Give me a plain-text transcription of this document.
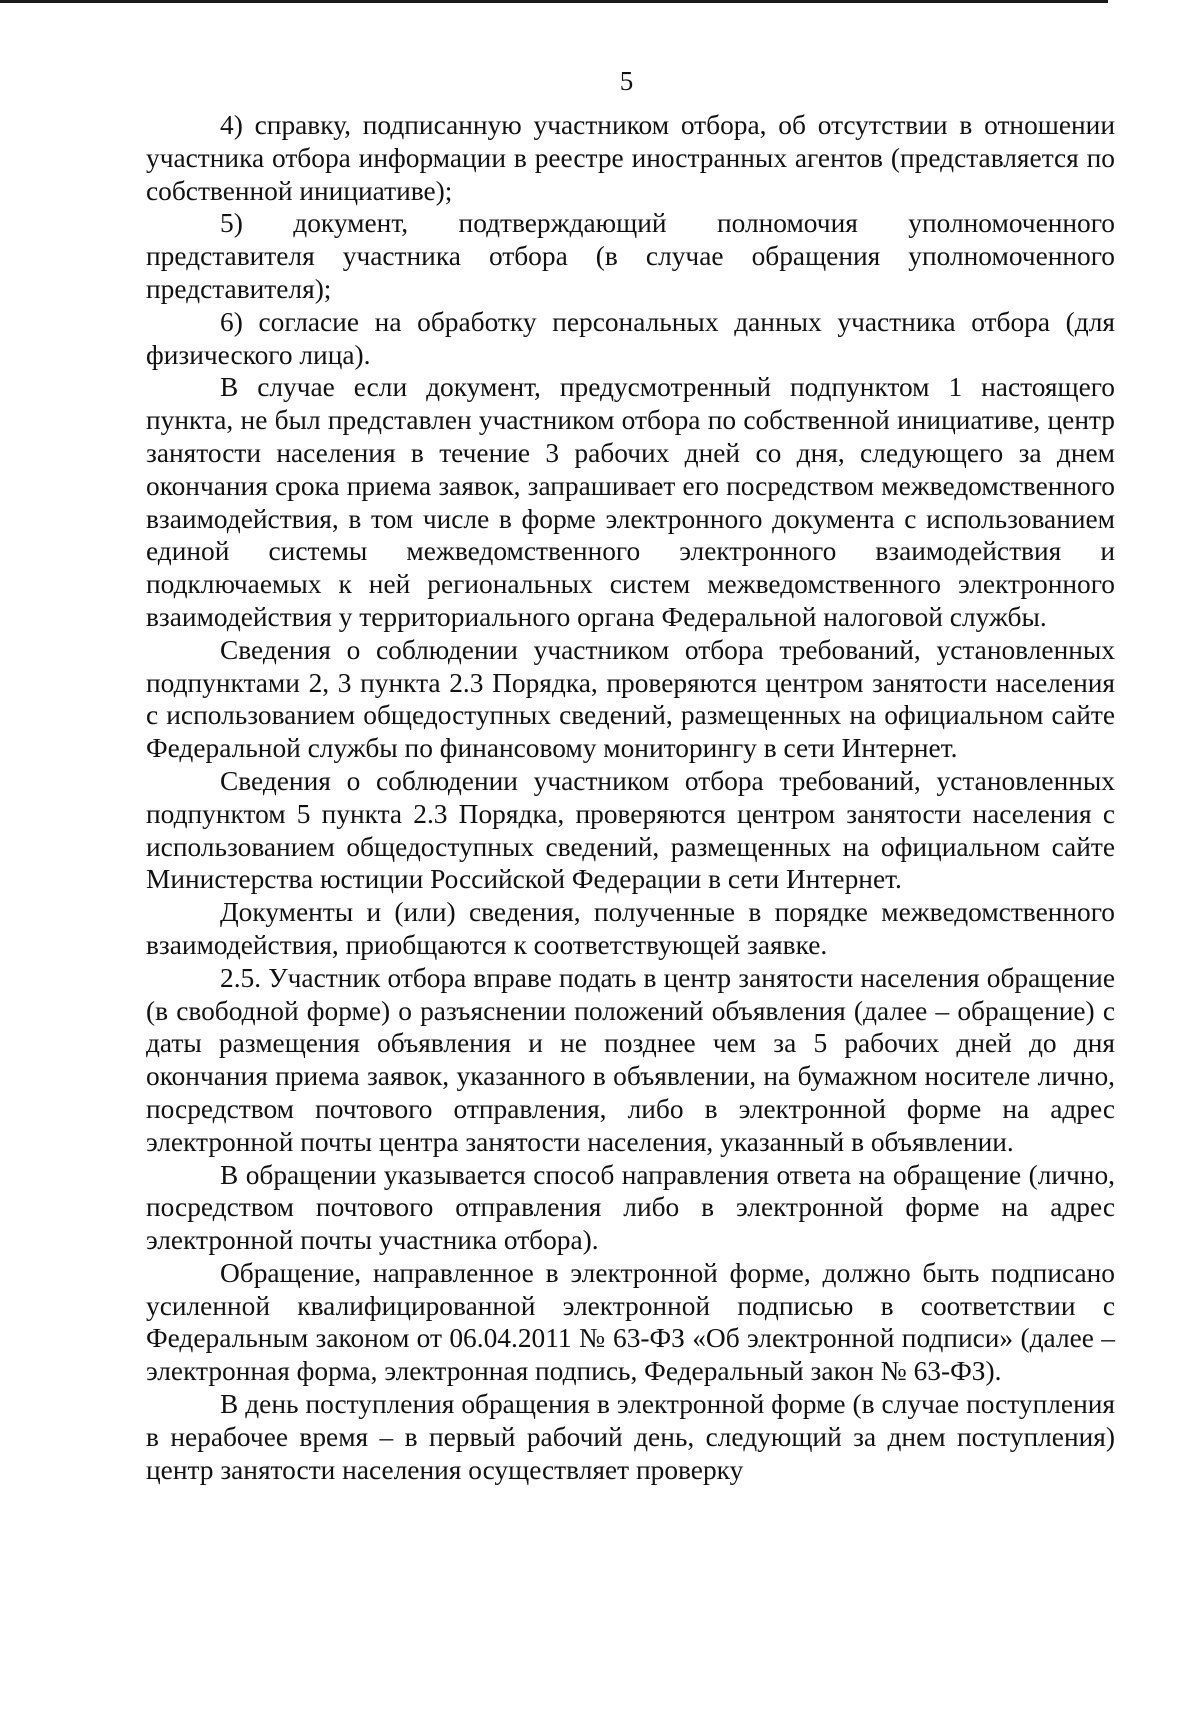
5

4) справку, подписанную участником отбора, об отсутствии в отношении участника отбора информации в реестре иностранных агентов (представляется по собственной инициативе);

5) документ, подтверждающий полномочия уполномоченного представителя участника отбора (в случае обращения уполномоченного представителя);

6) согласие на обработку персональных данных участника отбора (для физического лица).

В случае если документ, предусмотренный подпунктом 1 настоящего пункта, не был представлен участником отбора по собственной инициативе, центр занятости населения в течение 3 рабочих дней со дня, следующего за днем окончания срока приема заявок, запрашивает его посредством межведомственного взаимодействия, в том числе в форме электронного документа с использованием единой системы межведомственного электронного взаимодействия и подключаемых к ней региональных систем межведомственного электронного взаимодействия у территориального органа Федеральной налоговой службы.

Сведения о соблюдении участником отбора требований, установленных подпунктами 2, 3 пункта 2.3 Порядка, проверяются центром занятости населения с использованием общедоступных сведений, размещенных на официальном сайте Федеральной службы по финансовому мониторингу в сети Интернет.

Сведения о соблюдении участником отбора требований, установленных подпунктом 5 пункта 2.3 Порядка, проверяются центром занятости населения с использованием общедоступных сведений, размещенных на официальном сайте Министерства юстиции Российской Федерации в сети Интернет.

Документы и (или) сведения, полученные в порядке межведомственного взаимодействия, приобщаются к соответствующей заявке.

2.5. Участник отбора вправе подать в центр занятости населения обращение (в свободной форме) о разъяснении положений объявления (далее – обращение) с даты размещения объявления и не позднее чем за 5 рабочих дней до дня окончания приема заявок, указанного в объявлении, на бумажном носителе лично, посредством почтового отправления, либо в электронной форме на адрес электронной почты центра занятости населения, указанный в объявлении.

В обращении указывается способ направления ответа на обращение (лично, посредством почтового отправления либо в электронной форме на адрес электронной почты участника отбора).

Обращение, направленное в электронной форме, должно быть подписано усиленной квалифицированной электронной подписью в соответствии с Федеральным законом от 06.04.2011 № 63-ФЗ «Об электронной подписи» (далее – электронная форма, электронная подпись, Федеральный закон № 63-ФЗ).

В день поступления обращения в электронной форме (в случае поступления в нерабочее время – в первый рабочий день, следующий за днем поступления) центр занятости населения осуществляет проверку
